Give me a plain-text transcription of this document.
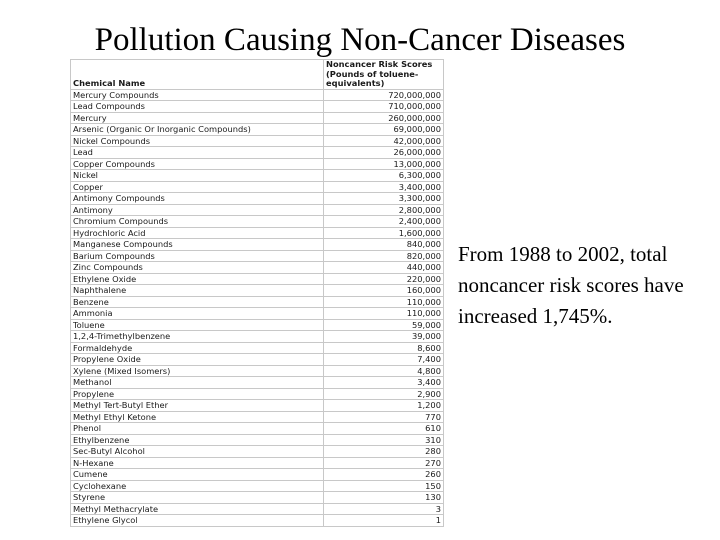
Pollution Causing Non-Cancer Diseases
Chemical Name	Noncancer Risk Scores (Pounds of toluene-equivalents)
Mercury Compounds	720,000,000
Lead Compounds	710,000,000
Mercury	260,000,000
Arsenic (Organic Or Inorganic Compounds)	69,000,000
Nickel Compounds	42,000,000
Lead	26,000,000
Copper Compounds	13,000,000
Nickel	6,300,000
Copper	3,400,000
Antimony Compounds	3,300,000
Antimony	2,800,000
Chromium Compounds	2,400,000
Hydrochloric Acid	1,600,000
Manganese Compounds	840,000
Barium Compounds	820,000
Zinc Compounds	440,000
Ethylene Oxide	220,000
Naphthalene	160,000
Benzene	110,000
Ammonia	110,000
Toluene	59,000
1,2,4-Trimethylbenzene	39,000
Formaldehyde	8,600
Propylene Oxide	7,400
Xylene (Mixed Isomers)	4,800
Methanol	3,400
Propylene	2,900
Methyl Tert-Butyl Ether	1,200
Methyl Ethyl Ketone	770
Phenol	610
Ethylbenzene	310
Sec-Butyl Alcohol	280
N-Hexane	270
Cumene	260
Cyclohexane	150
Styrene	130
Methyl Methacrylate	3
Ethylene Glycol	1
From 1988 to 2002, total noncancer risk scores have increased 1,745%.
